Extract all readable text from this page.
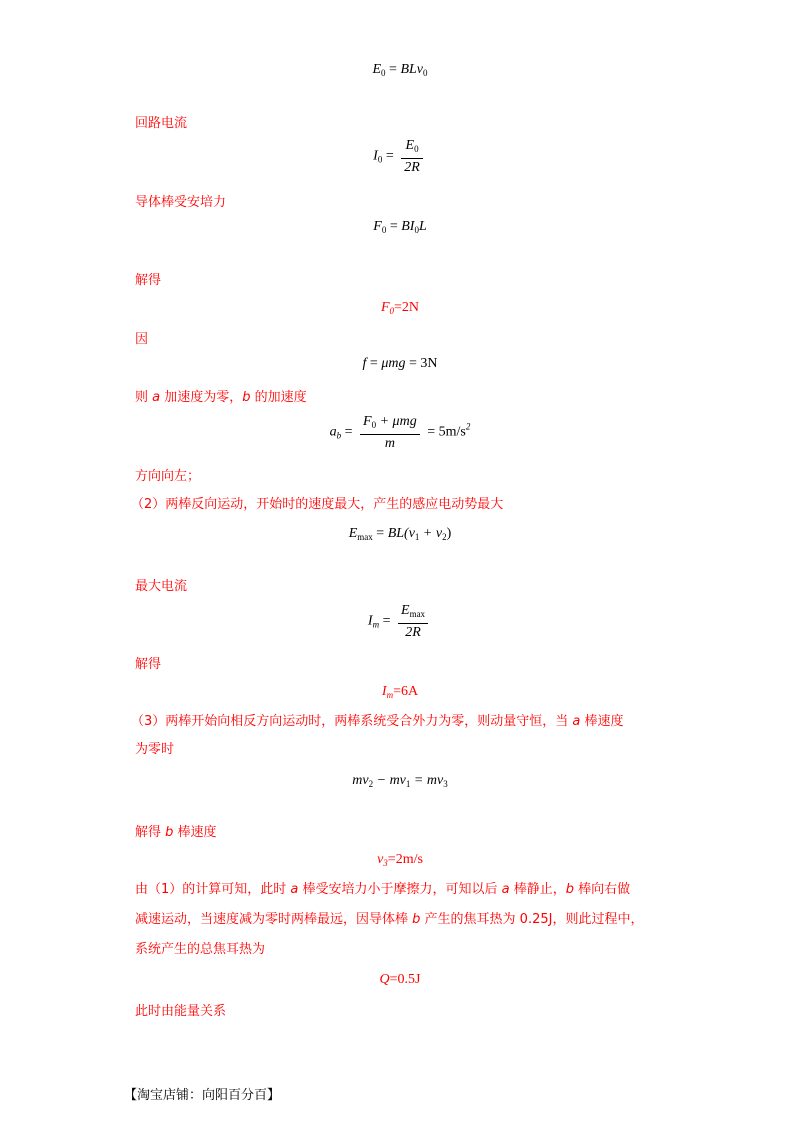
$E_0 = BLv_0$
回路电流
$I_0 = \frac{E_0}{2R}$
导体棒受安培力
$F_0 = BI_0L$
解得
$F_0=2N$
因
f = μmg = 3N
则 a 加速度为零，b 的加速度
$a_b = \frac{F_0 + \mu mg}{m} = 5m/s^2$
方向向左；
（2）两棒反向运动，开始时的速度最大，产生的感应电动势最大
$E_{max} = BL(v_1 + v_2)$
最大电流
$I_m = \frac{E_{max}}{2R}$
解得
$I_m=6A$
（3）两棒开始向相反方向运动时，两棒系统受合外力为零，则动量守恒，当 a 棒速度
为零时
$mv_2 - mv_1 = mv_3$
解得 b 棒速度
$v_3=2m/s$
由（1）的计算可知，此时 a 棒受安培力小于摩擦力，可知以后 a 棒静止，b 棒向右做
减速运动，当速度减为零时两棒最远，因导体棒 b 产生的焦耳热为 0.25J，则此过程中，
系统产生的总焦耳热为
Q=0.5J
此时由能量关系
【淘宝店铺：向阳百分百】
